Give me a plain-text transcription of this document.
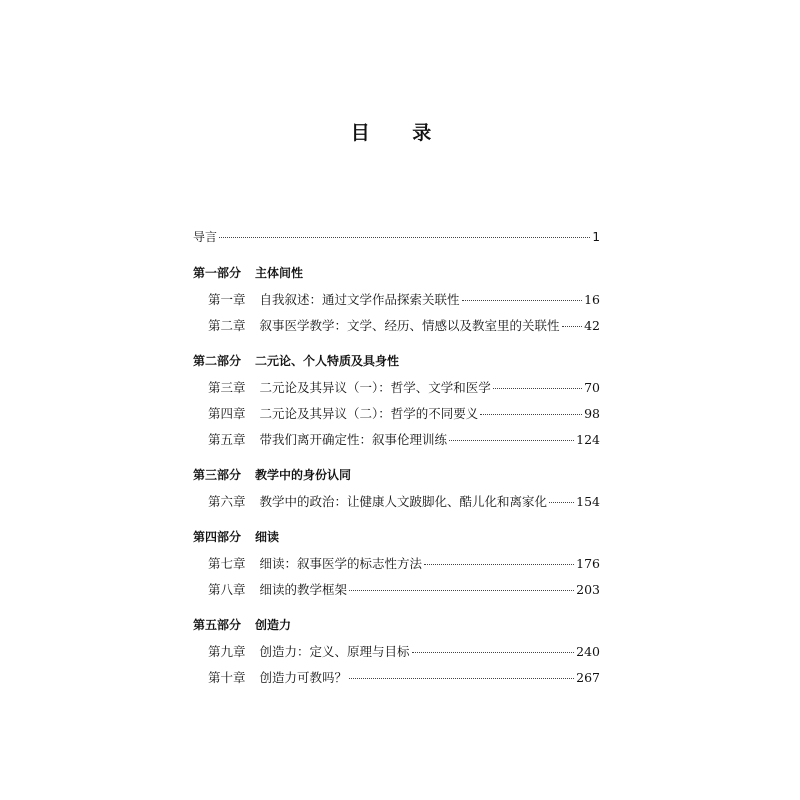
目 录
导言	1
第一部分 主体间性
第一章 自我叙述：通过文学作品探索关联性	16
第二章 叙事医学教学：文学、经历、情感以及教室里的关联性 42
第二部分 二元论、个人特质及具身性
第三章 二元论及其异议（一）：哲学、文学和医学	70
第四章 二元论及其异议（二）：哲学的不同要义	98
第五章 带我们离开确定性：叙事伦理训练	124
第三部分 教学中的身份认同
第六章 教学中的政治：让健康人文跛脚化、酷儿化和离家化 154
第四部分 细读
第七章 细读：叙事医学的标志性方法	176
第八章 细读的教学框架	203
第五部分 创造力
第九章 创造力：定义、原理与目标	240
第十章 创造力可教吗？	267
